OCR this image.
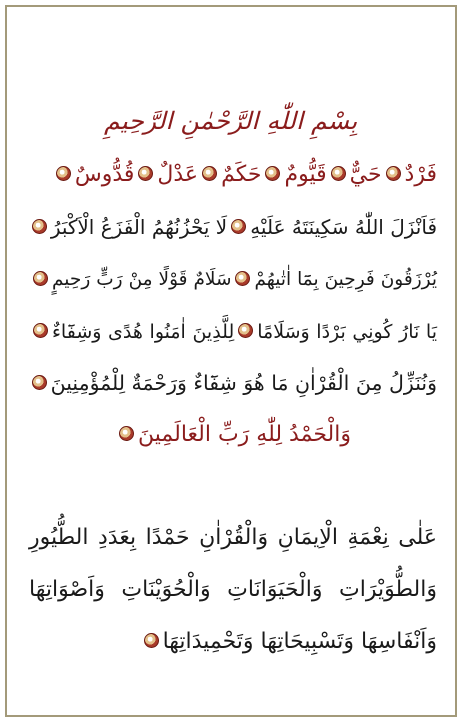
بِسْمِ اللّٰهِ الرَّحْمٰنِ الرَّحِيمِ
فَرْدٌحَيٌّقَيُّومٌحَكَمٌعَدْلٌقُدُّوسٌ
فَاَنْزَلَ اللّٰهُ سَكِينَتَهُ عَلَيْهِلَا يَحْزُنُهُمُ الْفَزَعُ الْاَكْبَرُ
يُرْزَقُونَ فَرِحِينَ بِمَٓا اٰتٰيهُمْسَلَامٌ قَوْلًا مِنْ رَبٍّ رَحِيمٍ
يَا نَارُ كُونِي بَرْدًا وَسَلَامًالِلَّذِينَ اٰمَنُوا هُدًى وَشِفَٓاءٌ
وَنُنَزِّلُ مِنَ الْقُرْاٰنِ مَا هُوَ شِفَٓاءٌ وَرَحْمَةٌ لِلْمُؤْمِنِينَ
وَالْحَمْدُ لِلّٰهِ رَبِّ الْعَالَمِينَ
عَلٰى نِعْمَةِ الْاِيمَانِ وَالْقُرْاٰنِ حَمْدًا بِعَدَدِ الطُّيُورِ
وَالطُّوَيْرَاتِ وَالْحَيَوَانَاتِ وَالْحُوَيْنَاتِ وَاَصْوَاتِهَا
وَاَنْفَاسِهَا وَتَسْبِيحَاتِهَا وَتَحْمِيدَاتِهَا
